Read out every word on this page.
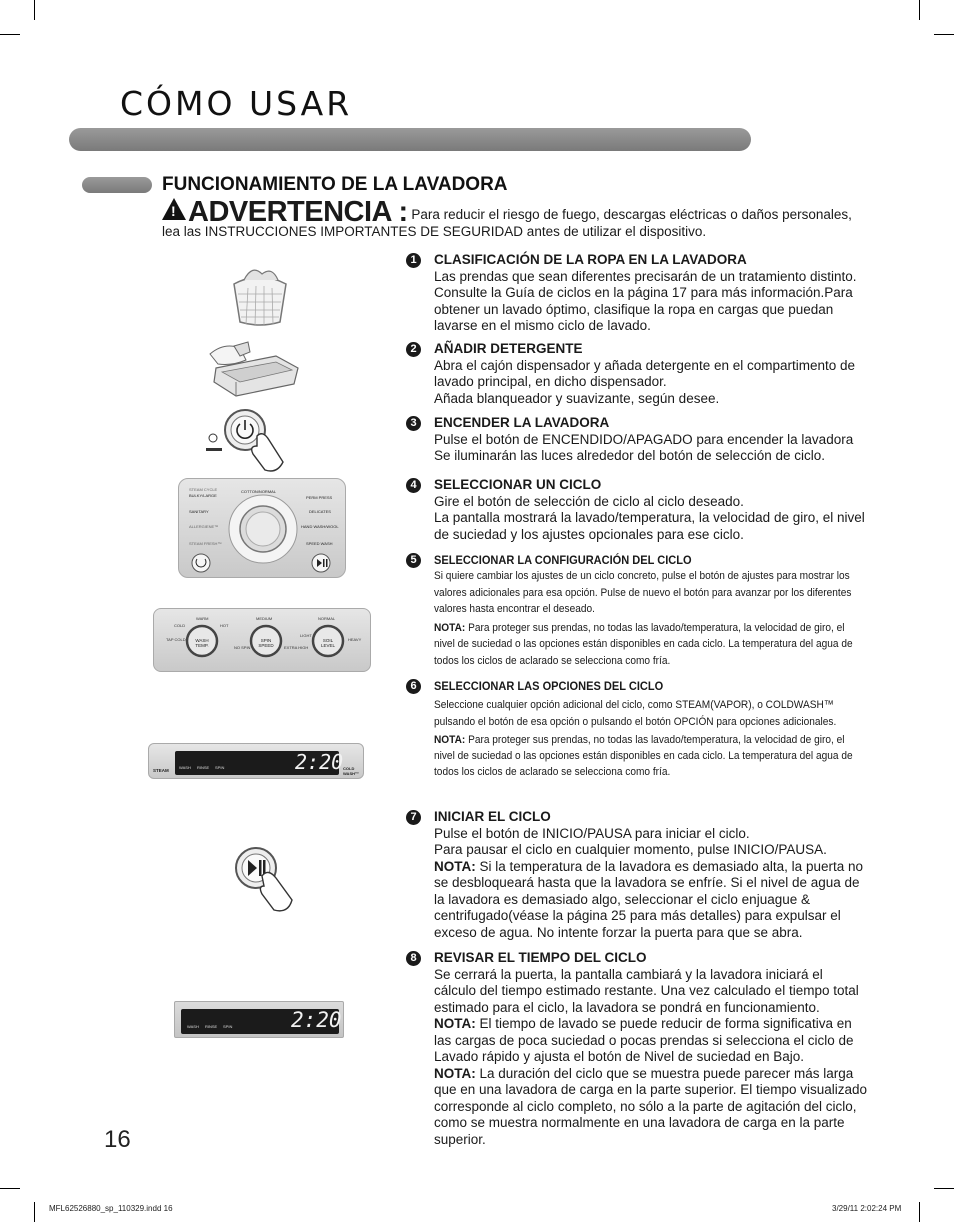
CÓMO USAR
FUNCIONAMIENTO DE LA LAVADORA
!ADVERTENCIA : Para reducir el riesgo de fuego, descargas eléctricas o daños personales, lea las INSTRUCCIONES IMPORTANTES DE SEGURIDAD antes de utilizar el dispositivo.
1	CLASIFICACIÓN DE LA ROPA EN LA LAVADORA

Las prendas que sean diferentes precisarán de un tratamiento distinto. Consulte la Guía de ciclos en la página 17 para más información.Para obtener un lavado óptimo, clasifique la ropa en cargas que puedan lavarse en el mismo ciclo de lavado.

2	AÑADIR DETERGENTE

Abra el cajón dispensador y añada detergente en el compartimento de lavado principal, en dicho dispensador.

Añada blanqueador y suavizante, según desee.

3	ENCENDER LA LAVADORA

Pulse el botón de ENCENDIDO/APAGADO para encender la lavadora Se iluminarán las luces alrededor del botón de selección de ciclo.

4	SELECCIONAR UN CICLO

Gire el botón de selección de ciclo al ciclo deseado.

La pantalla mostrará la lavado/temperatura, la velocidad de giro, el nivel de suciedad y los ajustes opcionales para ese ciclo.

5	SELECCIONAR LA CONFIGURACIÓN DEL CICLO

Si quiere cambiar los ajustes de un ciclo concreto, pulse el botón de ajustes para mostrar los valores adicionales para esa opción. Pulse de nuevo el botón para avanzar por los diferentes valores hasta encontrar el deseado.

NOTA: Para proteger sus prendas, no todas las lavado/temperatura, la velocidad de giro, el nivel de suciedad o las opciones están disponibles en cada ciclo. La temperatura del agua de todos los ciclos de aclarado se selecciona como fría.

6	SELECCIONAR LAS OPCIONES DEL CICLO

Seleccione cualquier opción adicional del ciclo, como STEAM(VAPOR), o COLDWASH™ pulsando el botón de esa opción o pulsando el botón OPCIÓN para opciones adicionales.

NOTA: Para proteger sus prendas, no todas las lavado/temperatura, la velocidad de giro, el nivel de suciedad o las opciones están disponibles en cada ciclo. La temperatura del agua de todos los ciclos de aclarado se selecciona como fría.

7	INICIAR EL CICLO

Pulse el botón de INICIO/PAUSA para iniciar el ciclo.

Para pausar el ciclo en cualquier momento, pulse INICIO/PAUSA.

NOTA: Si la temperatura de la lavadora es demasiado alta, la puerta no se desbloqueará hasta que la lavadora se enfríe. Si el nivel de agua de la lavadora es demasiado algo, seleccionar el ciclo enjuague & centrifugado(véase la página 25 para más detalles) para expulsar el exceso de agua. No intente forzar la puerta para que se abra.

8	REVISAR EL TIEMPO DEL CICLO

Se cerrará la puerta, la pantalla cambiará y la lavadora iniciará el cálculo del tiempo estimado restante. Una vez calculado el tiempo total estimado para el ciclo, la lavadora se pondrá en funcionamiento.

NOTA: El tiempo de lavado se puede reducir de forma significativa en las cargas de poca suciedad o pocas prendas si selecciona el ciclo de Lavado rápido y ajusta el botón de Nivel de suciedad en Bajo.

NOTA: La duración del ciclo que se muestra puede parecer más larga que en una lavadora de carga en la parte superior. El tiempo visualizado corresponde al ciclo completo, no sólo a la parte de agitación del ciclo, como se muestra normalmente en una lavadora de carga en la parte superior.

STEAM CYCLE
BULKY/LARGE
COTTON/NORMAL
PERM PRESS
SANITARY	DELICATES
ALLERGIENE™	HAND WASH/WOOL
STEAM FRESH™	SPEED WASH
WASH TEMP.
SPIN SPEED
SOIL LEVEL
COLD
WARM
HOT
TAP COLD
MEDIUM
EXTRA HIGH
NO SPIN
NORMAL
LIGHT
HEAVY
WASH RINSE SPIN	2:20
STEAM	COLD WASH™
WASH RINSE SPIN	2:20
16
MFL62526880_sp_110329.indd 16	3/29/11 2:02:24 PM
